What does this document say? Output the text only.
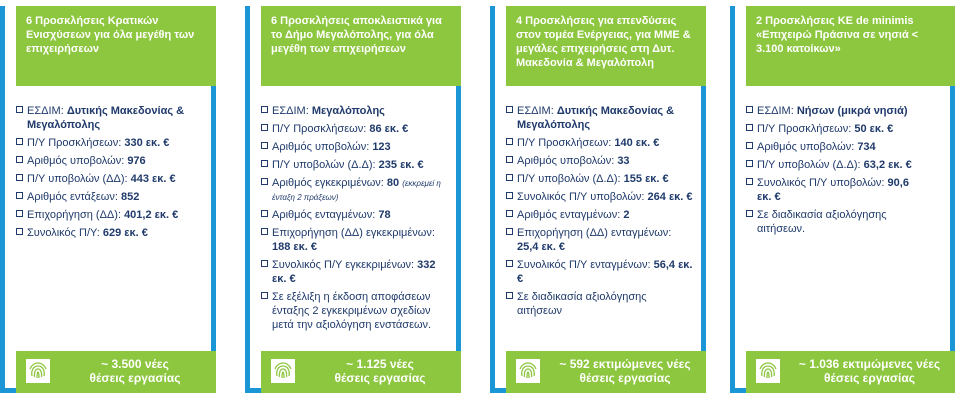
6 Προσκλήσεις Κρατικών Ενισχύσεων για όλα μεγέθη των επιχειρήσεων
ΕΣΔΙΜ: Δυτικής Μακεδονίας & Μεγαλόπολης
Π/Υ Προσκλήσεων: 330 εκ. €
Αριθμός υποβολών: 976
Π/Υ υποβολών (ΔΔ): 443 εκ. €
Αριθμός εντάξεων: 852
Επιχορήγηση (ΔΔ): 401,2 εκ. €
Συνολικός Π/Υ: 629 εκ. €
~ 3.500 νέες
θέσεις εργασίας
6 Προσκλήσεις αποκλειστικά για το Δήμο Μεγαλόπολης, για όλα μεγέθη των επιχειρήσεων
ΕΣΔΙΜ: Μεγαλόπολης
Π/Υ Προσκλήσεων: 86 εκ. €
Αριθμός υποβολών: 123
Π/Υ υποβολών (Δ.Δ): 235 εκ. €
Αριθμός εγκεκριμένων: 80 (εκκρεμεί η ένταξη 2 πράξεων)
Αριθμός ενταγμένων: 78
Επιχορήγηση (ΔΔ) εγκεκριμένων: 188 εκ. €
Συνολικός Π/Υ εγκεκριμένων: 332 εκ. €
Σε εξέλιξη η έκδοση αποφάσεων ένταξης 2 εγκεκριμένων σχεδίων μετά την αξιολόγηση ενστάσεων.
~ 1.125 νέες
θέσεις εργασίας
4 Προσκλήσεις για επενδύσεις στον τομέα Ενέργειας, για ΜΜΕ & μεγάλες επιχειρήσεις στη Δυτ. Μακεδονία & Μεγαλόπολη
ΕΣΔΙΜ: Δυτικής Μακεδονίας & Μεγαλόπολης
Π/Υ Προσκλήσεων: 140 εκ. €
Αριθμός υποβολών: 33
Π/Υ υποβολών (Δ.Δ): 155 εκ. €
Συνολικός Π/Υ υποβολών: 264 εκ. €
Αριθμός ενταγμένων: 2
Επιχορήγηση (ΔΔ) ενταγμένων: 25,4 εκ. €
Συνολικός Π/Υ ενταγμένων: 56,4 εκ. €
Σε διαδικασία αξιολόγησης αιτήσεων
~ 592 εκτιμώμενες νέες
θέσεις εργασίας
2 Προσκλήσεις ΚΕ de minimis «Επιχειρώ Πράσινα σε νησιά < 3.100 κατοίκων»
ΕΣΔΙΜ: Νήσων (μικρά νησιά)
Π/Υ Προσκλήσεων: 50 εκ. €
Αριθμός υποβολών: 734
Π/Υ υποβολών (Δ.Δ): 63,2 εκ. €
Συνολικός Π/Υ υποβολών: 90,6 εκ. €
Σε διαδικασία αξιολόγησης αιτήσεων.
~ 1.036 εκτιμώμενες νέες
θέσεις εργασίας
